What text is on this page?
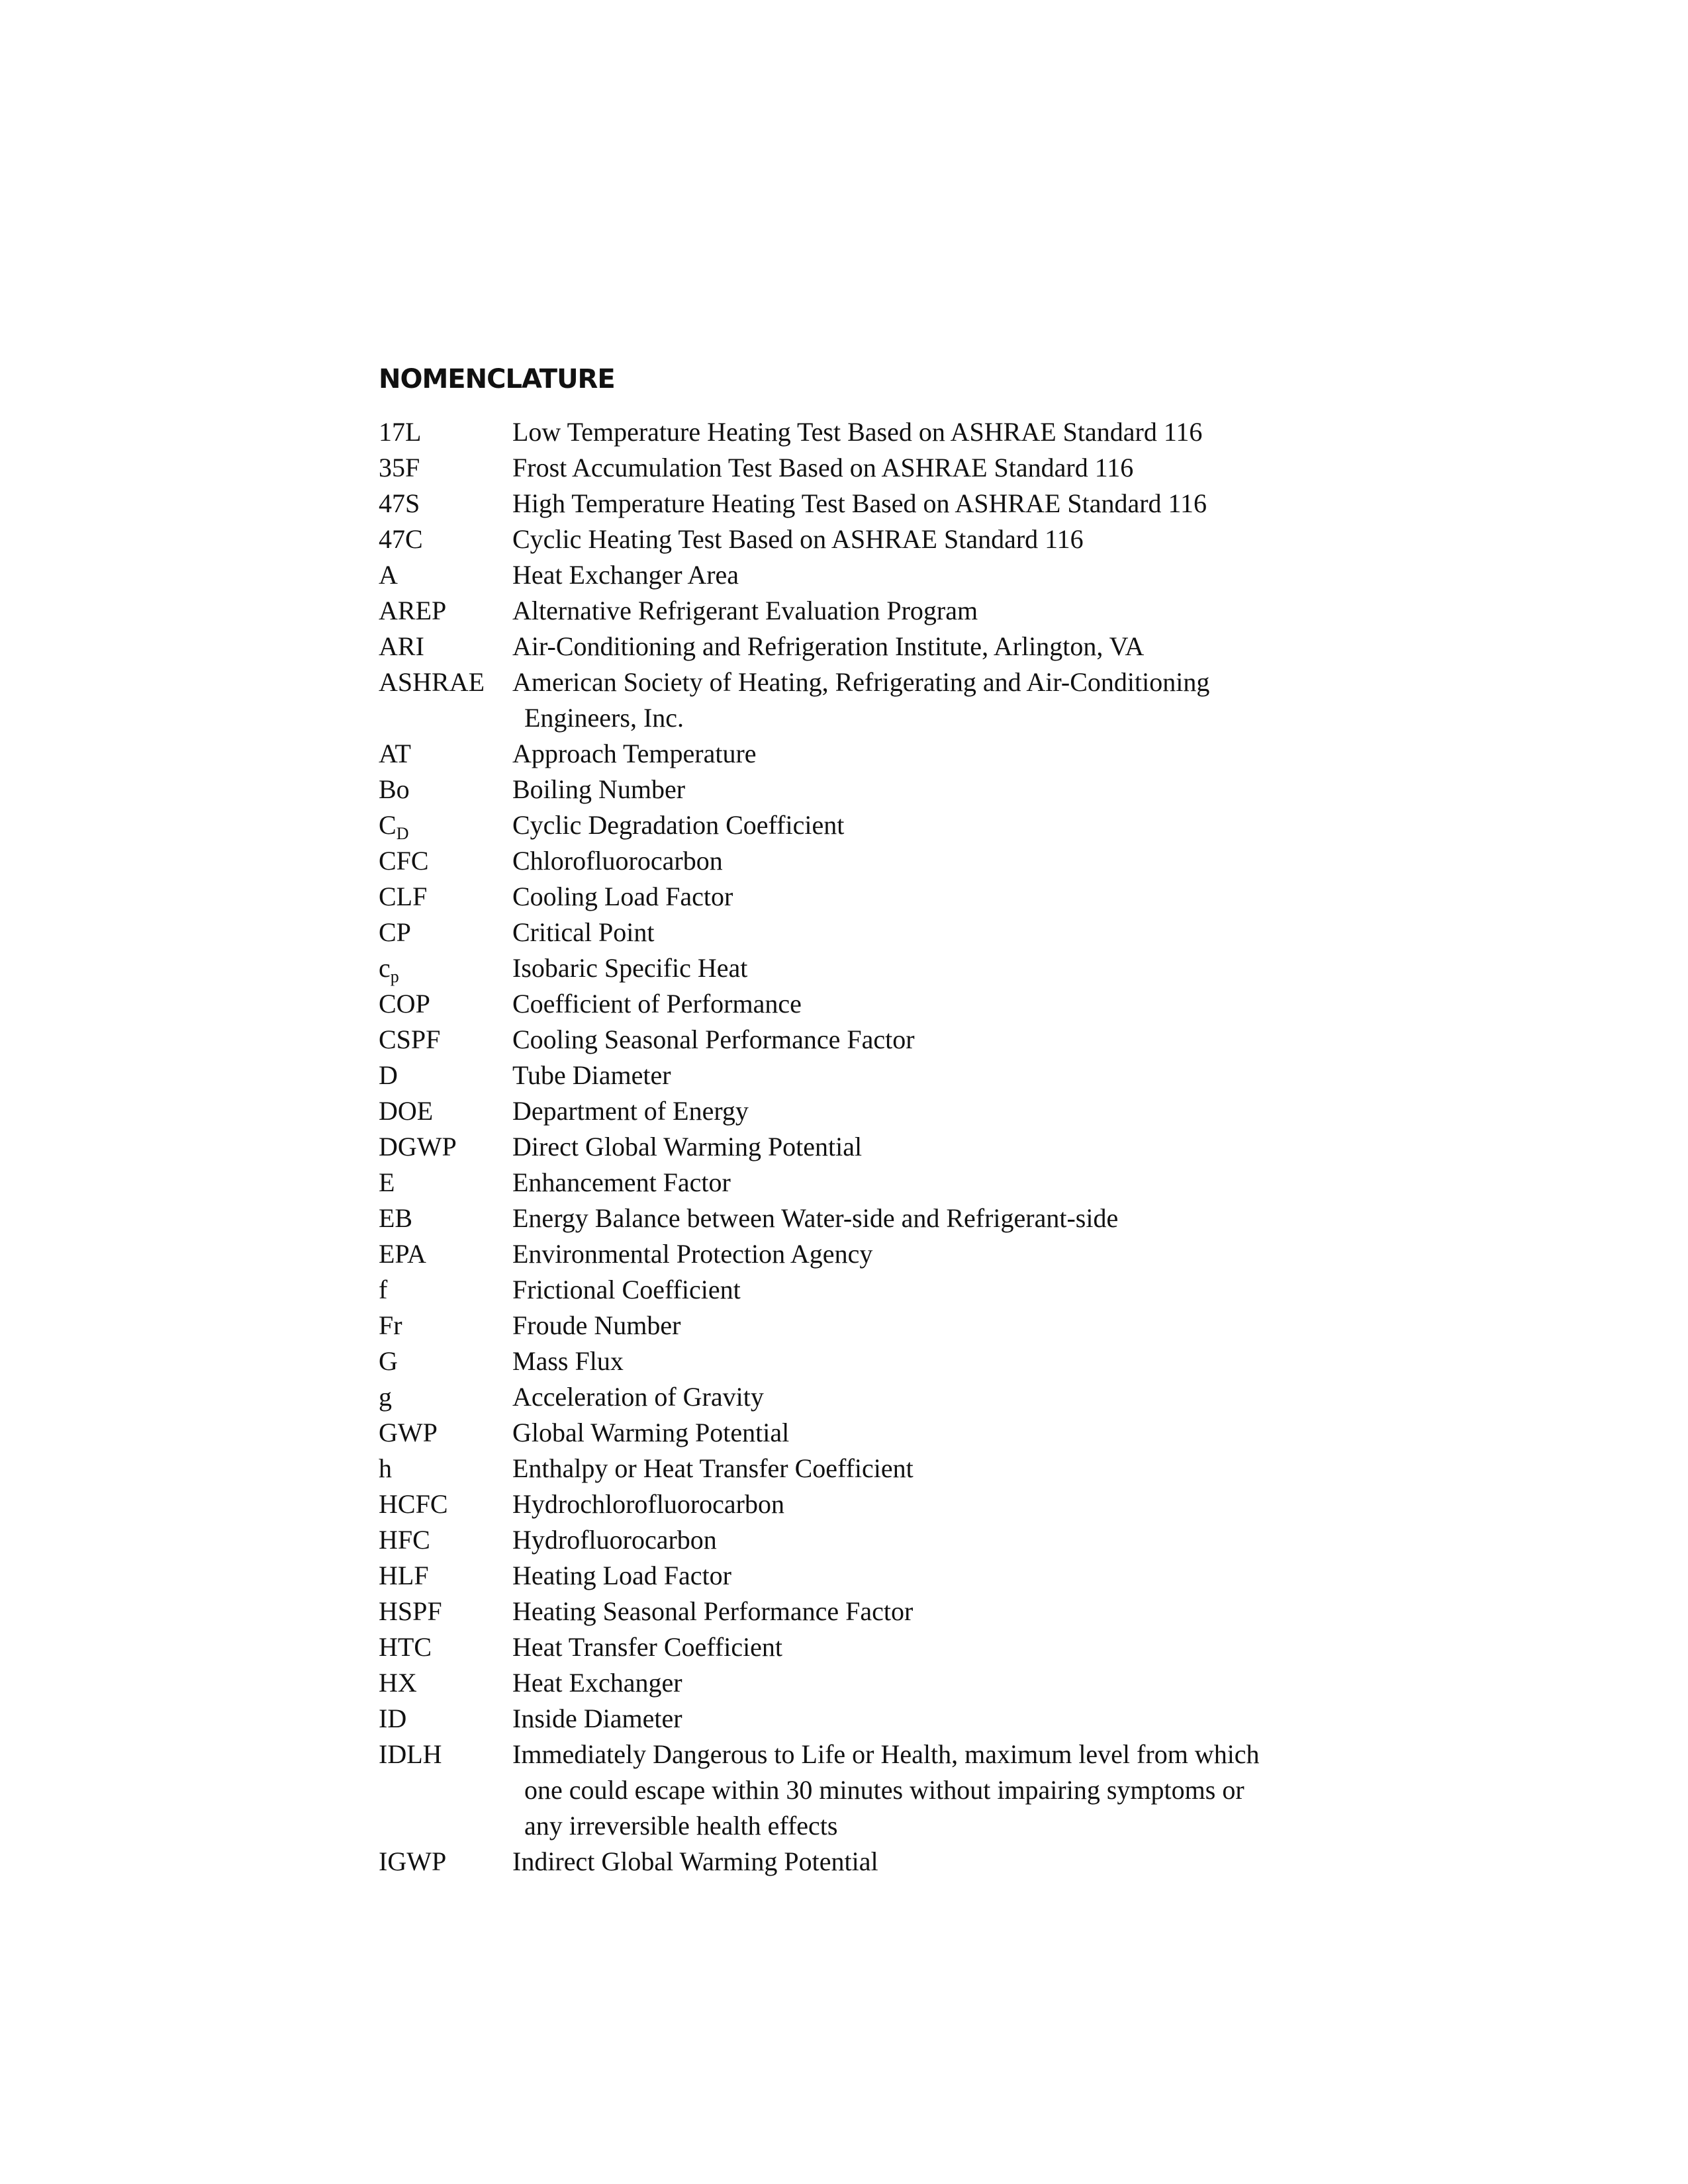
NOMENCLATURE
17L	Low Temperature Heating Test Based on ASHRAE Standard 116
35F	Frost Accumulation Test Based on ASHRAE Standard 116
47S	High Temperature Heating Test Based on ASHRAE Standard 116
47C	Cyclic Heating Test Based on ASHRAE Standard 116
A	Heat Exchanger Area
AREP	Alternative Refrigerant Evaluation Program
ARI	Air-Conditioning and Refrigeration Institute, Arlington, VA
ASHRAE	American Society of Heating, Refrigerating and Air-Conditioning
Engineers, Inc.
AT	Approach Temperature
Bo	Boiling Number
$C_D$	Cyclic Degradation Coefficient
CFC	Chlorofluorocarbon
CLF	Cooling Load Factor
CP	Critical Point
$c_p$	Isobaric Specific Heat
COP	Coefficient of Performance
CSPF	Cooling Seasonal Performance Factor
D	Tube Diameter
DOE	Department of Energy
DGWP	Direct Global Warming Potential
E	Enhancement Factor
EB	Energy Balance between Water-side and Refrigerant-side
EPA	Environmental Protection Agency
f	Frictional Coefficient
Fr	Froude Number
G	Mass Flux
g	Acceleration of Gravity
GWP	Global Warming Potential
h	Enthalpy or Heat Transfer Coefficient
HCFC	Hydrochlorofluorocarbon
HFC	Hydrofluorocarbon
HLF	Heating Load Factor
HSPF	Heating Seasonal Performance Factor
HTC	Heat Transfer Coefficient
HX	Heat Exchanger
ID	Inside Diameter
IDLH	Immediately Dangerous to Life or Health, maximum level from which
one could escape within 30 minutes without impairing symptoms or
any irreversible health effects
IGWP	Indirect Global Warming Potential
